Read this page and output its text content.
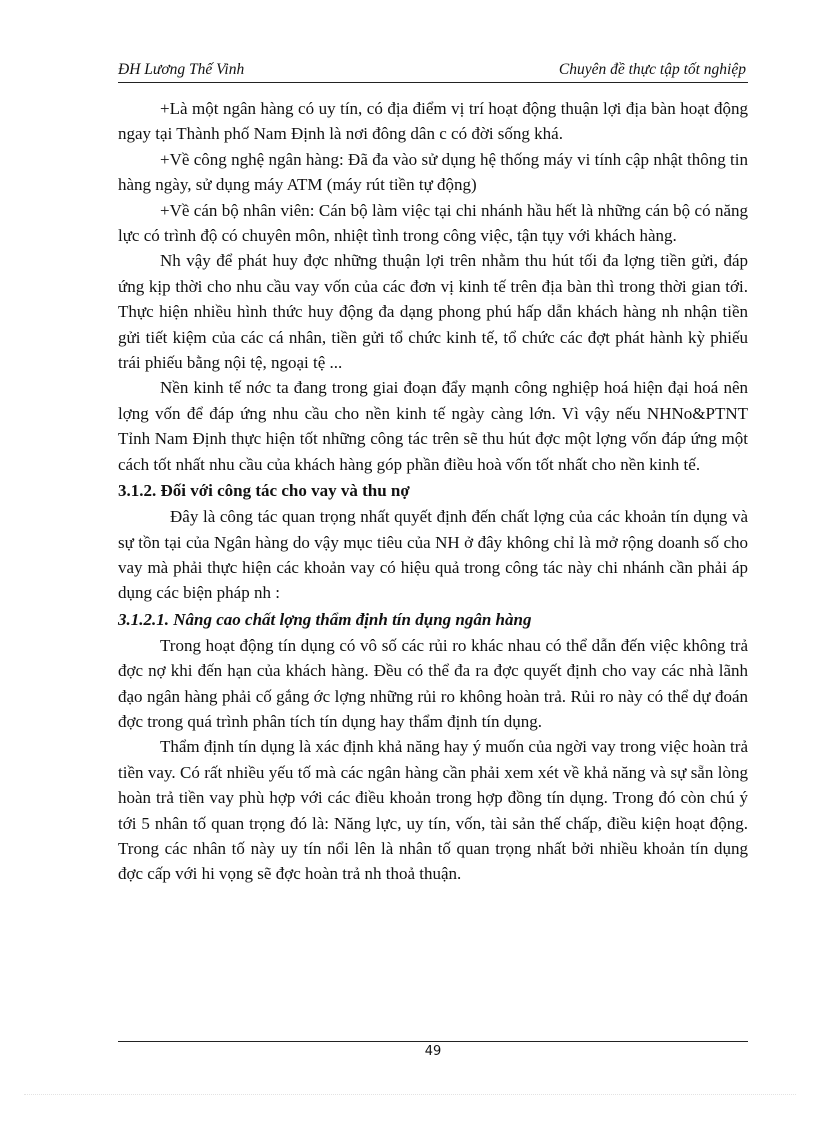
ĐH Lương Thế Vinh	Chuyên đề thực tập tốt nghiệp

+Là một ngân hàng có uy tín, có địa điểm vị trí hoạt động thuận lợi địa bàn hoạt động ngay tại Thành phố Nam Định là nơi đông dân c có đời sống khá.

+Về công nghệ ngân hàng: Đã đa vào sử dụng hệ thống máy vi tính cập nhật thông tin hàng ngày, sử dụng máy ATM (máy rút tiền tự động)

+Về cán bộ nhân viên: Cán bộ làm việc tại chi nhánh hầu hết là những cán bộ có năng lực có trình độ có chuyên môn, nhiệt tình trong công việc, tận tụy với khách hàng.

Nh vậy để phát huy đợc những thuận lợi trên nhằm thu hút tối đa lợng tiền gửi, đáp ứng kịp thời cho nhu cầu vay vốn của các đơn vị kinh tế trên địa bàn thì trong thời gian tới. Thực hiện nhiều hình thức huy động đa dạng phong phú hấp dẫn khách hàng nh nhận tiền gửi tiết kiệm của các cá nhân, tiền gửi tổ chức kinh tế, tổ chức các đợt phát hành kỳ phiếu trái phiếu bằng nội tệ, ngoại tệ ...

Nền kinh tế nớc ta đang trong giai đoạn đẩy mạnh công nghiệp hoá hiện đại hoá nên lợng vốn để đáp ứng nhu cầu cho nền kinh tế ngày càng lớn. Vì vậy nếu NHNo&PTNT Tỉnh Nam Định thực hiện tốt những công tác trên sẽ thu hút đợc một lợng vốn đáp ứng một cách tốt nhất nhu cầu của khách hàng góp phần điều hoà vốn tốt nhất cho nền kinh tế.

3.1.2. Đối với công tác cho vay và thu nợ

Đây là công tác quan trọng nhất quyết định đến chất lợng của các khoản tín dụng và sự tồn tại của Ngân hàng do vậy mục tiêu của NH ở đây không chỉ là mở rộng doanh số cho vay mà phải thực hiện các khoản vay có hiệu quả trong công tác này chi nhánh cần phải áp dụng các biện pháp nh :

3.1.2.1. Nâng cao chất lợng thẩm định tín dụng ngân hàng

Trong hoạt động tín dụng có vô số các rủi ro khác nhau có thể dẫn đến việc không trả đợc nợ khi đến hạn của khách hàng. Đều có thể đa ra đợc quyết định cho vay các nhà lãnh đạo ngân hàng phải cố gắng ớc lợng những rủi ro không hoàn trả. Rủi ro này có thể dự đoán đợc trong quá trình phân tích tín dụng hay thẩm định tín dụng.

Thẩm định tín dụng là xác định khả năng hay ý muốn của ngời vay trong việc hoàn trả tiền vay. Có rất nhiều yếu tố mà các ngân hàng cần phải xem xét về khả năng và sự sẵn lòng hoàn trả tiền vay phù hợp với các điều khoản trong hợp đồng tín dụng. Trong đó còn chú ý tới 5 nhân tố quan trọng đó là: Năng lực, uy tín, vốn, tài sản thế chấp, điều kiện hoạt động. Trong các nhân tố này uy tín nổi lên là nhân tố quan trọng nhất bởi nhiều khoản tín dụng đợc cấp với hi vọng sẽ đợc hoàn trả nh thoả thuận.

49
